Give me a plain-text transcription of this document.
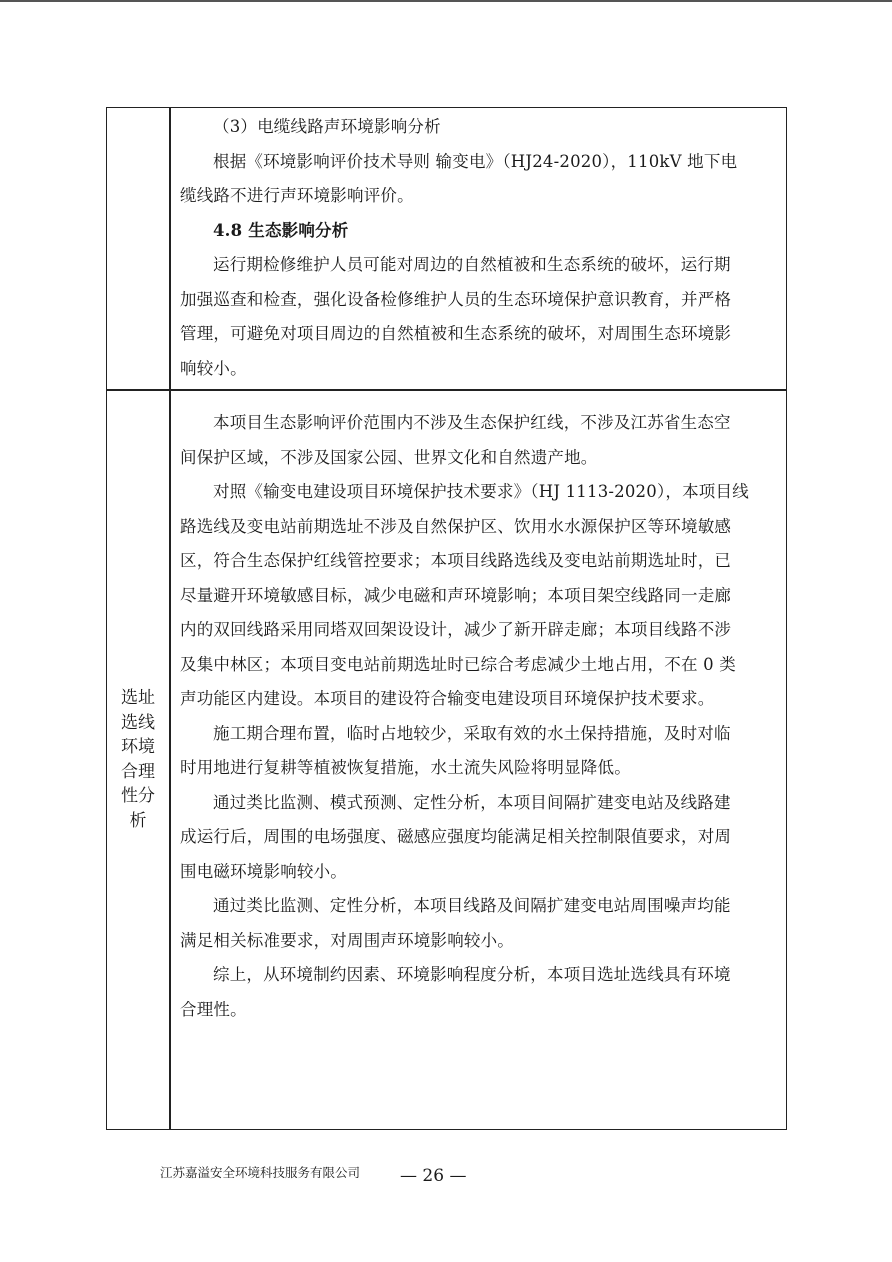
（3）电缆线路声环境影响分析
根据《环境影响评价技术导则 输变电》（HJ24-2020），110kV 地下电
缆线路不进行声环境影响评价。
4.8 生态影响分析
运行期检修维护人员可能对周边的自然植被和生态系统的破坏，运行期
加强巡查和检查，强化设备检修维护人员的生态环境保护意识教育，并严格
管理，可避免对项目周边的自然植被和生态系统的破坏，对周围生态环境影
响较小。
选址
选线
环境
合理
性分
析
本项目生态影响评价范围内不涉及生态保护红线，不涉及江苏省生态空
间保护区域，不涉及国家公园、世界文化和自然遗产地。
对照《输变电建设项目环境保护技术要求》（HJ 1113-2020），本项目线
路选线及变电站前期选址不涉及自然保护区、饮用水水源保护区等环境敏感
区，符合生态保护红线管控要求；本项目线路选线及变电站前期选址时，已
尽量避开环境敏感目标，减少电磁和声环境影响；本项目架空线路同一走廊
内的双回线路采用同塔双回架设设计，减少了新开辟走廊；本项目线路不涉
及集中林区；本项目变电站前期选址时已综合考虑减少土地占用，不在 0 类
声功能区内建设。本项目的建设符合输变电建设项目环境保护技术要求。
施工期合理布置，临时占地较少，采取有效的水土保持措施，及时对临
时用地进行复耕等植被恢复措施，水土流失风险将明显降低。
通过类比监测、模式预测、定性分析，本项目间隔扩建变电站及线路建
成运行后，周围的电场强度、磁感应强度均能满足相关控制限值要求，对周
围电磁环境影响较小。
通过类比监测、定性分析，本项目线路及间隔扩建变电站周围噪声均能
满足相关标准要求，对周围声环境影响较小。
综上，从环境制约因素、环境影响程度分析，本项目选址选线具有环境
合理性。
江苏嘉溢安全环境科技服务有限公司 — 26 —
